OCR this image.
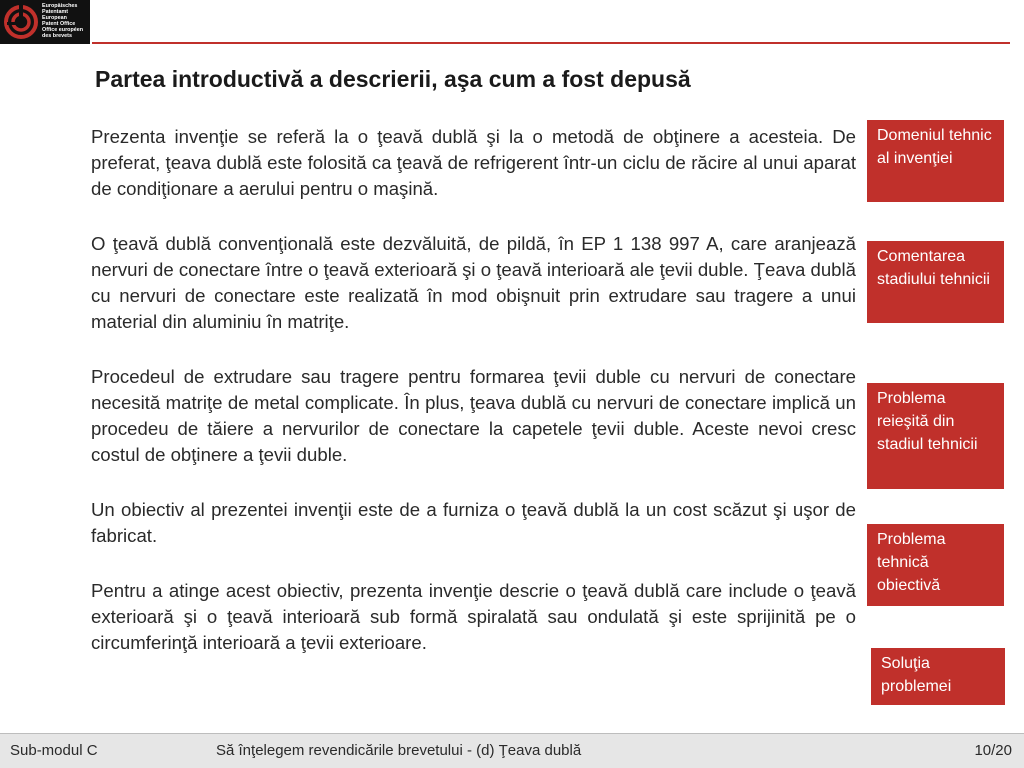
Europäisches
Patentamt
European
Patent Office
Office européen
des brevets
Partea introductivă a descrierii, aşa cum a fost depusă

Prezenta invenţie se referă la o ţeavă dublă şi la o metodă de obţinere a acesteia. De preferat, ţeava dublă este folosită ca ţeavă de refrigerent într-un ciclu de răcire al unui aparat de condiţionare a aerului pentru o maşină.

O ţeavă dublă convenţională este dezvăluită, de pildă, în EP 1 138 997 A, care aranjează nervuri de conectare între o ţeavă exterioară şi o ţeavă interioară ale ţevii duble. Ţeava dublă cu nervuri de conectare este realizată în mod obişnuit prin extrudare sau tragere a unui material din aluminiu în matriţe.

Procedeul de extrudare sau tragere pentru formarea ţevii duble cu nervuri de conectare necesită matriţe de metal complicate. În plus, ţeava dublă cu nervuri de conectare implică un procedeu de tăiere a nervurilor de conectare la capetele ţevii duble. Aceste nevoi cresc costul de obţinere a ţevii duble.

Un obiectiv al prezentei invenţii este de a furniza o ţeavă dublă la un cost scăzut şi uşor de fabricat.

Pentru a atinge acest obiectiv, prezenta invenţie descrie o ţeavă dublă care include o ţeavă exterioară şi o ţeavă interioară sub formă spiralată sau ondulată şi este sprijinită pe o circumferinţă interioară a ţevii exterioare.

Domeniul tehnic al invenţiei
Comentarea stadiului tehnicii
Problema reieşită din stadiul tehnicii
Problema tehnică obiectivă
Soluţia problemei
Sub-modul C	Să înţelegem revendicările brevetului - (d) Ţeava dublă	10/20
